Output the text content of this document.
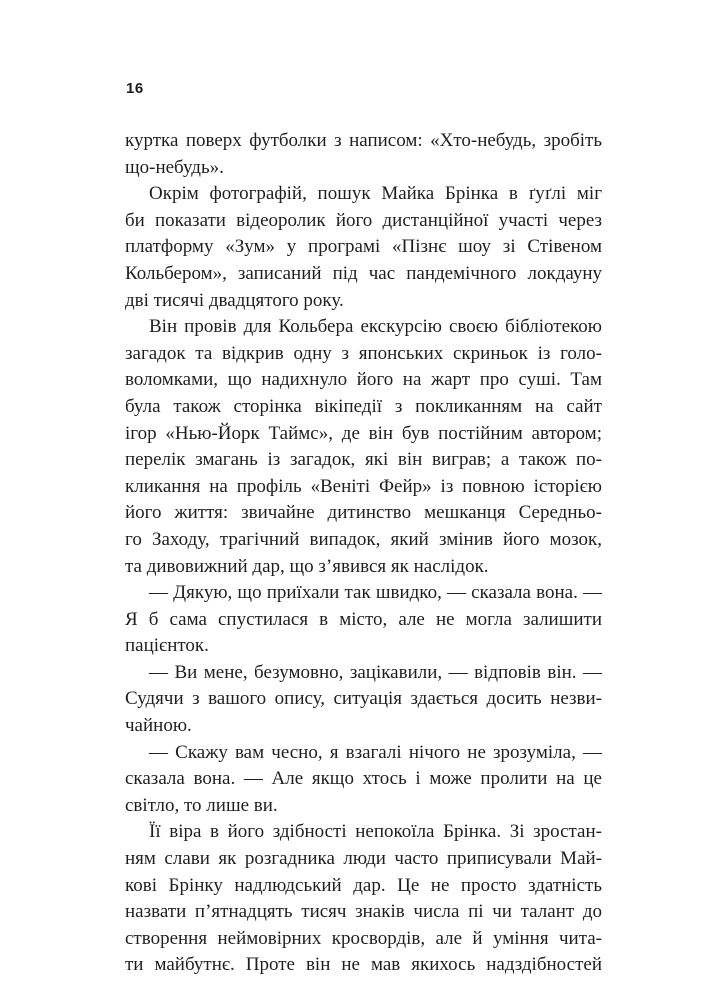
16
куртка поверх футболки з написом: «Хто-небудь, зробіть
що-небудь».
Окрім фотографій, пошук Майка Брінка в ґуґлі міг
би показати відеоролик його дистанційної участі через
платформу «Зум» у програмі «Пізнє шоу зі Стівеном
Кольбером», записаний під час пандемічного локдауну
дві тисячі двадцятого року.
Він провів для Кольбера екскурсію своєю бібліотекою
загадок та відкрив одну з японських скриньок із голо-
воломками, що надихнуло його на жарт про суші. Там
була також сторінка вікіпедії з покликанням на сайт
ігор «Нью-Йорк Таймс», де він був постійним автором;
перелік змагань із загадок, які він виграв; а також по-
кликання на профіль «Веніті Фейр» із повною історією
його життя: звичайне дитинство мешканця Середньо-
го Заходу, трагічний випадок, який змінив його мозок,
та дивовижний дар, що з’явився як наслідок.
— Дякую, що приїхали так швидко, — сказала вона. —
Я б сама спустилася в місто, але не могла залишити
пацієнток.
— Ви мене, безумовно, зацікавили, — відповів він. —
Судячи з вашого опису, ситуація здається досить незви-
чайною.
— Скажу вам чесно, я взагалі нічого не зрозуміла, —
сказала вона. — Але якщо хтось і може пролити на це
світло, то лише ви.
Її віра в його здібності непокоїла Брінка. Зі зростан-
ням слави як розгадника люди часто приписували Май-
кові Брінку надлюдський дар. Це не просто здатність
назвати п’ятнадцять тисяч знаків числа пі чи талант до
створення неймовірних кросвордів, але й уміння чита-
ти майбутнє. Проте він не мав якихось надздібностей
